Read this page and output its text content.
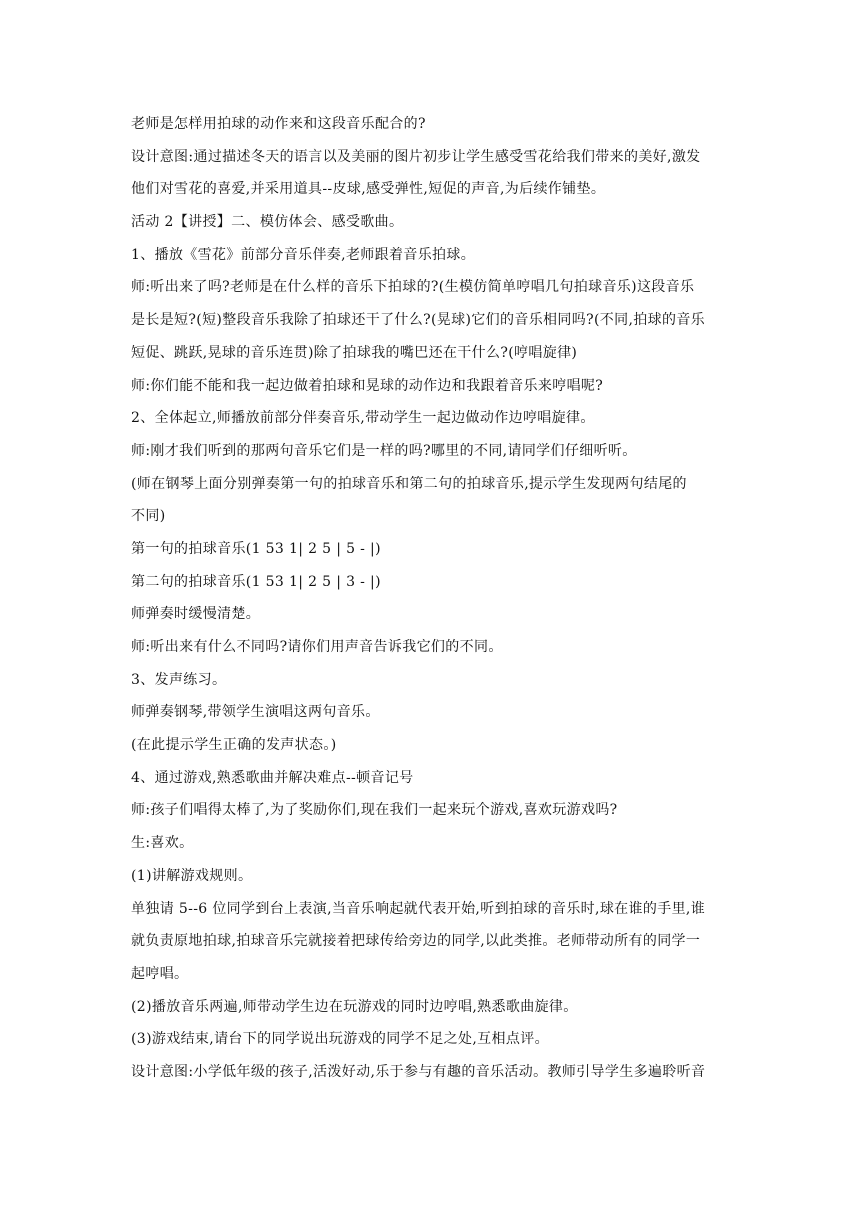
老师是怎样用拍球的动作来和这段音乐配合的?
设计意图:通过描述冬天的语言以及美丽的图片初步让学生感受雪花给我们带来的美好,激发
他们对雪花的喜爱,并采用道具--皮球,感受弹性,短促的声音,为后续作铺垫。
活动 2【讲授】二、模仿体会、感受歌曲。
1、播放《雪花》前部分音乐伴奏,老师跟着音乐拍球。
师:听出来了吗?老师是在什么样的音乐下拍球的?(生模仿简单哼唱几句拍球音乐)这段音乐
是长是短?(短)整段音乐我除了拍球还干了什么?(晃球)它们的音乐相同吗?(不同,拍球的音乐
短促、跳跃,晃球的音乐连贯)除了拍球我的嘴巴还在干什么?(哼唱旋律)
师:你们能不能和我一起边做着拍球和晃球的动作边和我跟着音乐来哼唱呢?
2、全体起立,师播放前部分伴奏音乐,带动学生一起边做动作边哼唱旋律。
师:刚才我们听到的那两句音乐它们是一样的吗?哪里的不同,请同学们仔细听听。
(师在钢琴上面分别弹奏第一句的拍球音乐和第二句的拍球音乐,提示学生发现两句结尾的
不同)
第一句的拍球音乐(1 53 1| 2 5 | 5 - |)
第二句的拍球音乐(1 53 1| 2 5 | 3 - |)
师弹奏时缓慢清楚。
师:听出来有什么不同吗?请你们用声音告诉我它们的不同。
3、发声练习。
师弹奏钢琴,带领学生演唱这两句音乐。
(在此提示学生正确的发声状态。)
4、通过游戏,熟悉歌曲并解决难点--顿音记号
师:孩子们唱得太棒了,为了奖励你们,现在我们一起来玩个游戏,喜欢玩游戏吗?
生:喜欢。
(1)讲解游戏规则。
单独请 5--6 位同学到台上表演,当音乐响起就代表开始,听到拍球的音乐时,球在谁的手里,谁
就负责原地拍球,拍球音乐完就接着把球传给旁边的同学,以此类推。老师带动所有的同学一
起哼唱。
(2)播放音乐两遍,师带动学生边在玩游戏的同时边哼唱,熟悉歌曲旋律。
(3)游戏结束,请台下的同学说出玩游戏的同学不足之处,互相点评。
设计意图:小学低年级的孩子,活泼好动,乐于参与有趣的音乐活动。教师引导学生多遍聆听音
